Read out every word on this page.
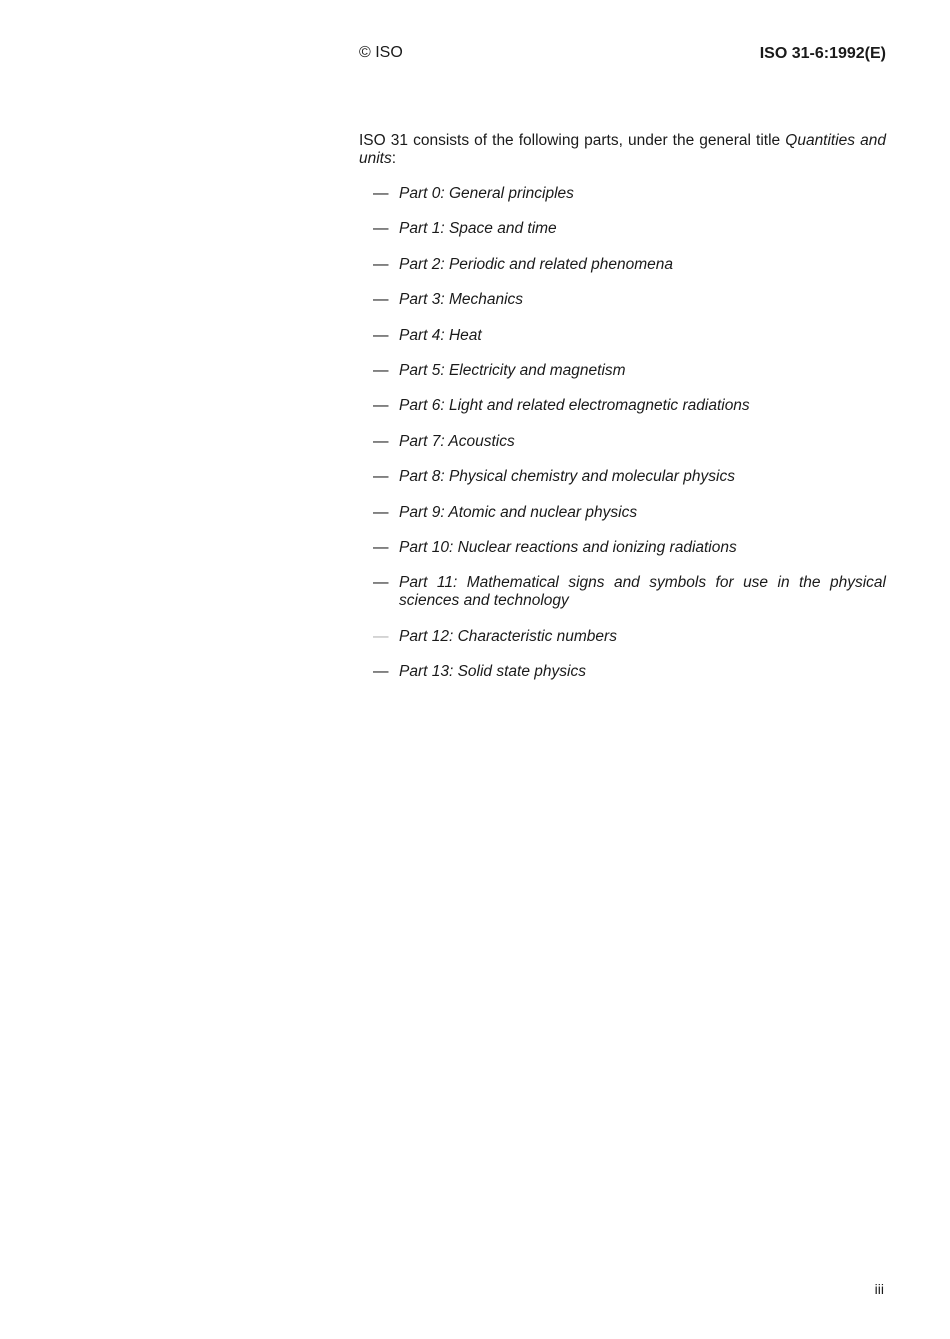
© ISO	ISO 31-6:1992(E)

ISO 31 consists of the following parts, under the general title Quantities and units:

— Part 0: General principles
— Part 1: Space and time
— Part 2: Periodic and related phenomena
— Part 3: Mechanics
— Part 4: Heat
— Part 5: Electricity and magnetism
— Part 6: Light and related electromagnetic radiations
— Part 7: Acoustics
— Part 8: Physical chemistry and molecular physics
— Part 9: Atomic and nuclear physics
— Part 10: Nuclear reactions and ionizing radiations
— Part 11: Mathematical signs and symbols for use in the physical sciences and technology
— Part 12: Characteristic numbers
— Part 13: Solid state physics
iii
